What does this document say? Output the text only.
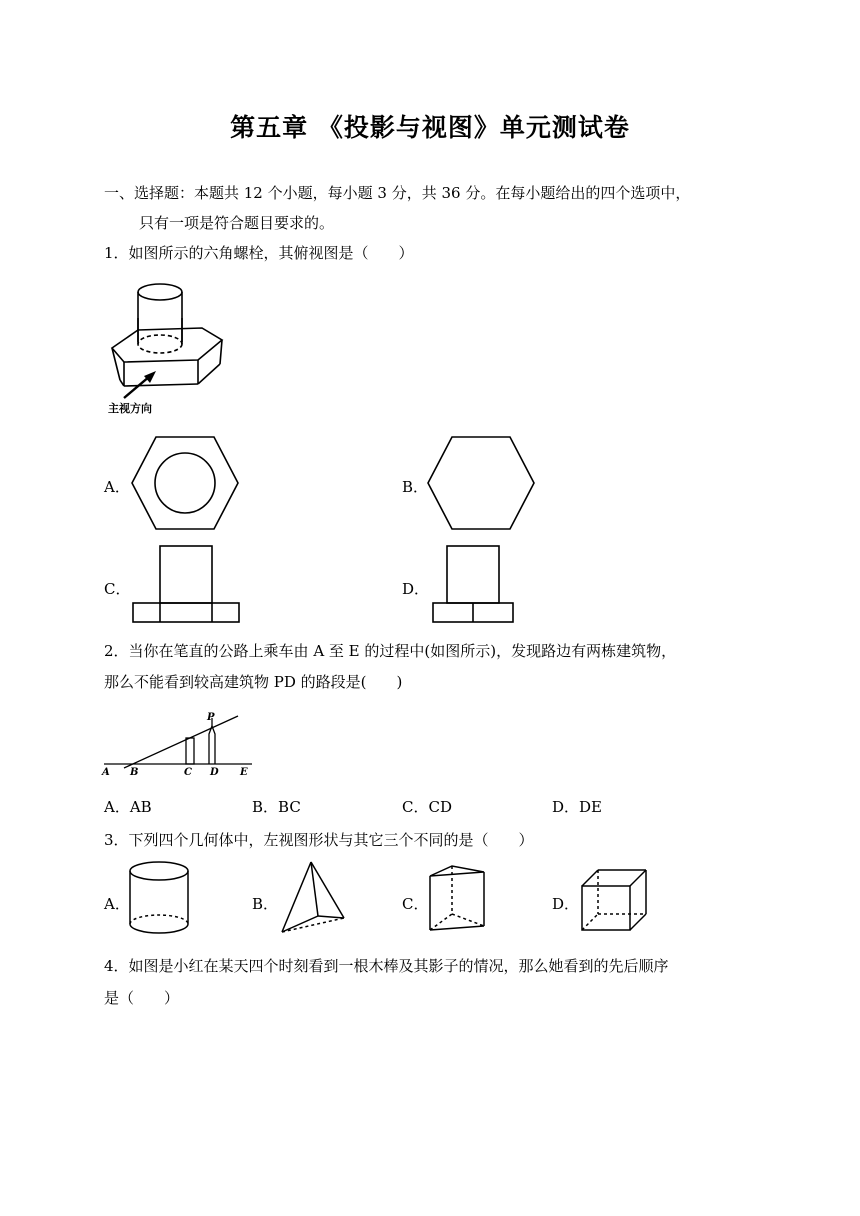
第五章 《投影与视图》单元测试卷
一、选择题：本题共 12 个小题，每小题 3 分，共 36 分。在每小题给出的四个选项中，
只有一项是符合题目要求的。
1．如图所示的六角螺栓，其俯视图是（　　）
主视方向
A．	B．
C．	D．
2．当你在笔直的公路上乘车由 A 至 E 的过程中(如图所示)，发现路边有两栋建筑物，
那么不能看到较高建筑物 PD 的路段是(　　)
A B	C D E
P
A．AB	B．BC	C．CD	D．DE
3．下列四个几何体中，左视图形状与其它三个不同的是（　　）
A．	B．	C．	D．
4．如图是小红在某天四个时刻看到一根木棒及其影子的情况，那么她看到的先后顺序
是（　　）
